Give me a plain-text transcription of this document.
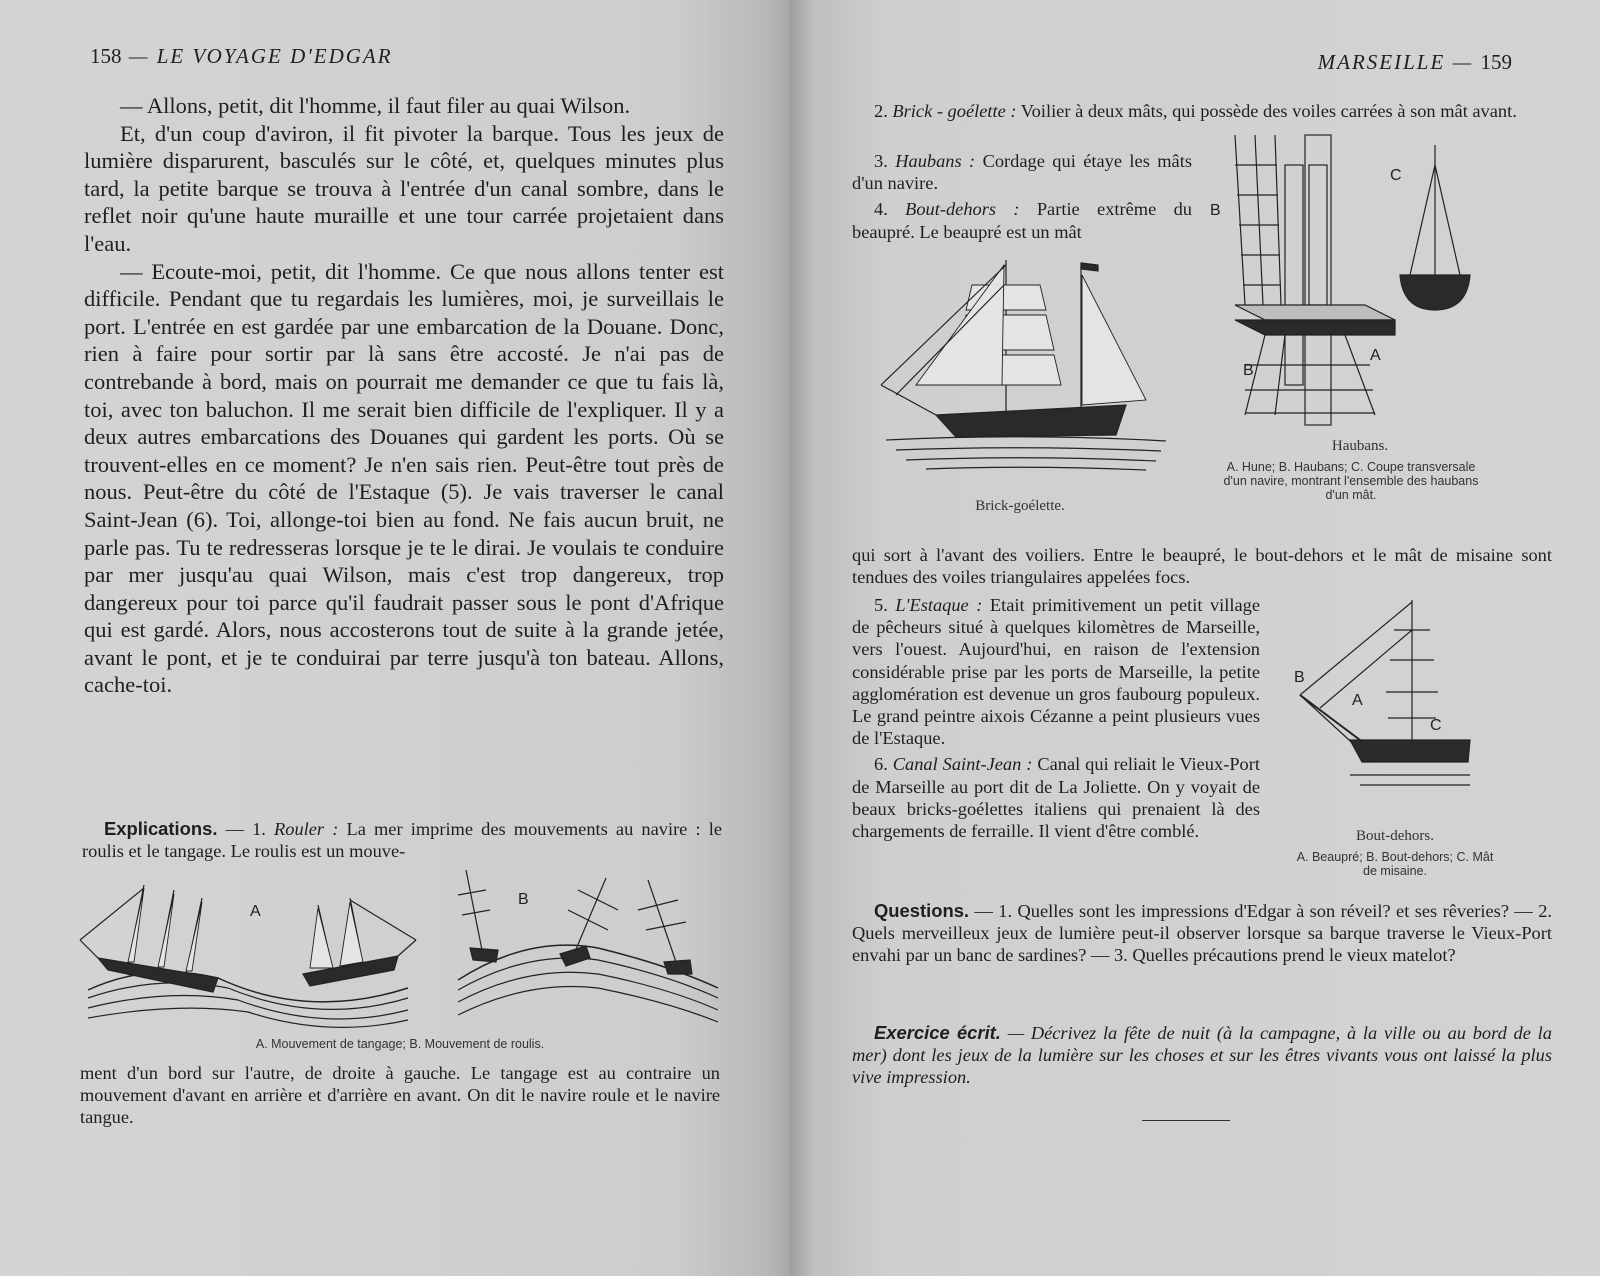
158 — LE VOYAGE D'EDGAR

— Allons, petit, dit l'homme, il faut filer au quai Wilson.

Et, d'un coup d'aviron, il fit pivoter la barque. Tous les jeux de lumière disparurent, basculés sur le côté, et, quelques minutes plus tard, la petite barque se trouva à l'entrée d'un canal sombre, dans le reflet noir qu'une haute muraille et une tour carrée projetaient dans l'eau.

— Ecoute-moi, petit, dit l'homme. Ce que nous allons tenter est difficile. Pendant que tu regardais les lumières, moi, je surveillais le port. L'entrée en est gardée par une embarcation de la Douane. Donc, rien à faire pour sortir par là sans être accosté. Je n'ai pas de contrebande à bord, mais on pourrait me demander ce que tu fais là, toi, avec ton baluchon. Il me serait bien difficile de l'expliquer. Il y a deux autres embarcations des Douanes qui gardent les ports. Où se trouvent-elles en ce moment? Je n'en sais rien. Peut-être tout près de nous. Peut-être du côté de l'Estaque (5). Je vais traverser le canal Saint-Jean (6). Toi, allonge-toi bien au fond. Ne fais aucun bruit, ne parle pas. Tu te redresseras lorsque je te le dirai. Je voulais te conduire par mer jusqu'au quai Wilson, mais c'est trop dangereux, trop dangereux pour toi parce qu'il faudrait passer sous le pont d'Afrique qui est gardé. Alors, nous accosterons tout de suite à la grande jetée, avant le pont, et je te conduirai par terre jusqu'à ton bateau. Allons, cache-toi.

Explications. — 1. Rouler : La mer imprime des mouvements au navire : le roulis et le tangage. Le roulis est un mouve-

A
B
A. Mouvement de tangage; B. Mouvement de roulis.

ment d'un bord sur l'autre, de droite à gauche. Le tangage est au contraire un mouvement d'avant en arrière et d'arrière en avant. On dit le navire roule et le navire tangue.

MARSEILLE — 159

2. Brick - goélette : Voilier à deux mâts, qui possède des voiles carrées à son mât avant.

3. Haubans : Cordage qui étaye les mâts d'un navire.

4. Bout-dehors : Partie extrême du beaupré. Le beaupré est un mât

Brick-goélette.
C
B
B
A
Haubans.
A. Hune; B. Haubans; C. Coupe transversale d'un navire, montrant l'ensemble des haubans d'un mât.

qui sort à l'avant des voiliers. Entre le beaupré, le bout-dehors et le mât de misaine sont tendues des voiles triangulaires appelées focs.

5. L'Estaque : Etait primitivement un petit village de pêcheurs situé à quelques kilomètres de Marseille, vers l'ouest. Aujourd'hui, en raison de l'extension considérable prise par les ports de Marseille, la petite agglomération est devenue un gros faubourg populeux. Le grand peintre aixois Cézanne a peint plusieurs vues de l'Estaque.

6. Canal Saint-Jean : Canal qui reliait le Vieux-Port de Marseille au port dit de La Joliette. On y voyait de beaux bricks-goélettes italiens qui prenaient là des chargements de ferraille. Il vient d'être comblé.

B
A
C
Bout-dehors.
A. Beaupré; B. Bout-dehors; C. Mât de misaine.

Questions. — 1. Quelles sont les impressions d'Edgar à son réveil? et ses rêveries? — 2. Quels merveilleux jeux de lumière peut-il observer lorsque sa barque traverse le Vieux-Port envahi par un banc de sardines? — 3. Quelles précautions prend le vieux matelot?

Exercice écrit. — Décrivez la fête de nuit (à la campagne, à la ville ou au bord de la mer) dont les jeux de la lumière sur les choses et sur les êtres vivants vous ont laissé la plus vive impression.
